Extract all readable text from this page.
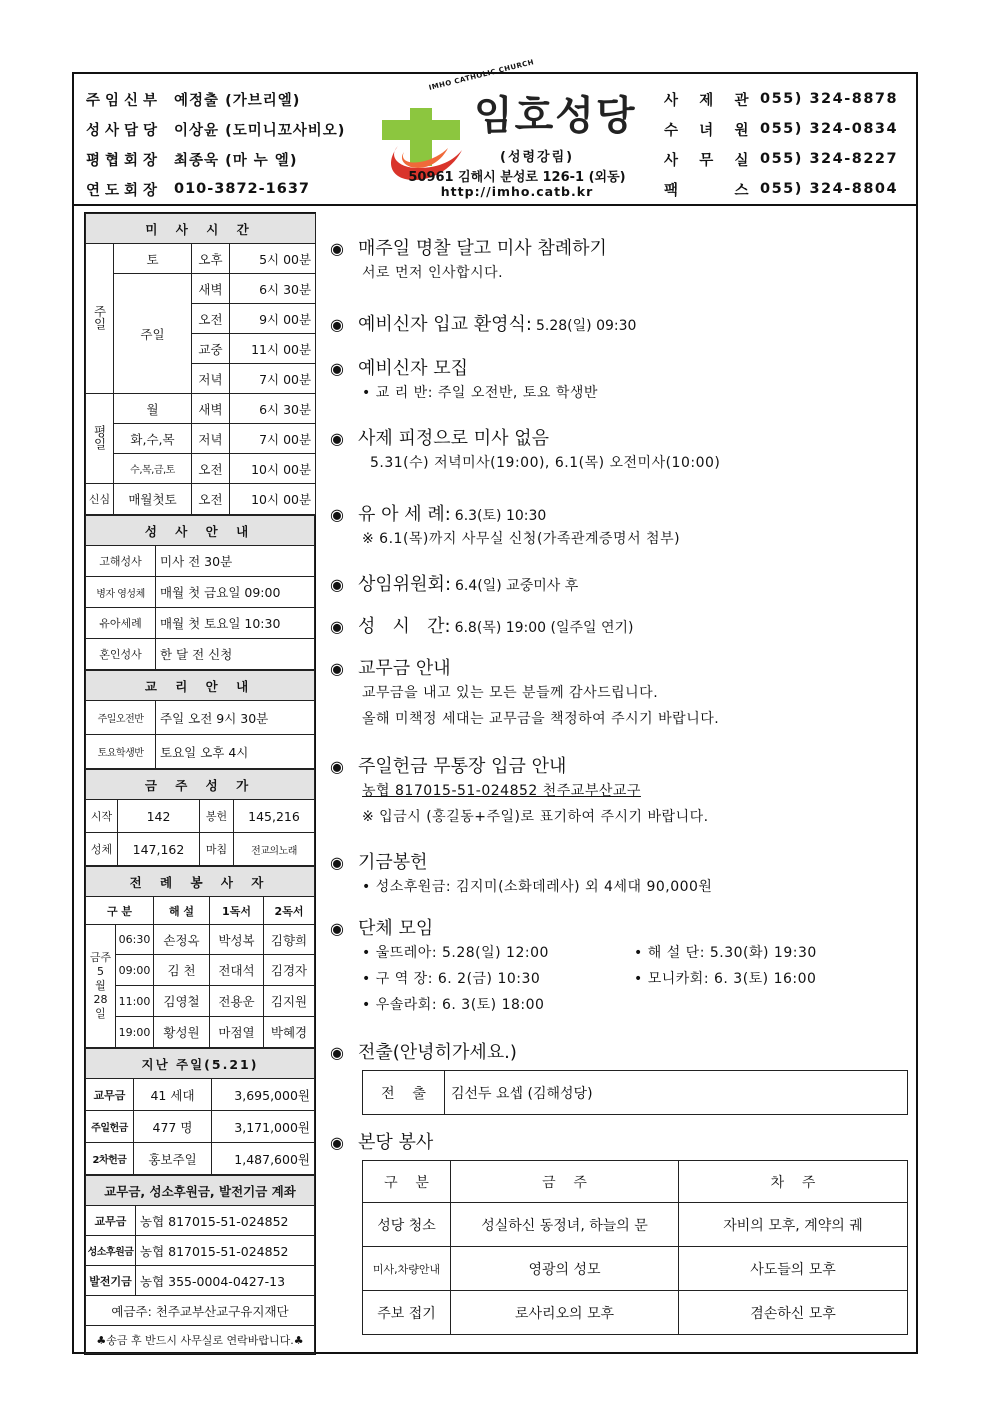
주임신부 예정출 (가브리엘)
성사담당 이상윤 (도미니꼬사비오)
평협회장 최종욱 (마 누 엘)
연도회장 010-3872-1637
IMHO CATHOLIC CHURCH
임호성당
(성령강림)
50961 김해시 분성로 126-1 (외동)
http://imho.catb.kr
사 제 관 055) 324-8878
수 녀 원 055) 324-0834
사 무 실 055) 324-8227
팩	스 055) 324-8804
미 사 시 간			
주일	토	오후	5시 00분
	주일	새벽	6시 30분
		오전	9시 00분
		교중	11시 00분
		저녁	7시 00분
평일	월	새벽	6시 30분
	화,수,목	저녁	7시 00분
	수,목,금,토	오전	10시 00분
신심	매월첫토	오전	10시 00분
성 사 안 내	
고해성사	미사 전 30분
병자 영성체	매월 첫 금요일 09:00
유아세례	매월 첫 토요일 10:30
혼인성사	한 달 전 신청
교 리 안 내	
주일오전반	주일 오전 9시 30분
토요학생반	토요일 오후 4시
금 주 성 가			
시작	142	봉헌	145,216
성체	147,162	마침	전교의노래
전 례 봉 사 자				
구 분		해 설	1독서	2독서
금주
5
월
28
일	06:30	손정옥	박성복	김향희
	09:00	김 천	전대석	김경자
	11:00	김영철	전용운	김지원
	19:00	황성원	마점열	박혜경
지난 주일(5.21)		
교무금	41 세대	3,695,000원
주일헌금	477 명	3,171,000원
2차헌금	홍보주일	1,487,600원
교무금, 성소후원금, 발전기금 계좌	
교무금	농협 817015-51-024852
성소후원금	농협 817015-51-024852
발전기금	농협 355-0004-0427-13
예금주: 천주교부산교구유지재단	
♣송금 후 반드시 사무실로 연락바랍니다.♣	
◉ 매주일 명찰 달고 미사 참례하기
서로 먼저 인사합시다.
◉ 예비신자 입교 환영식: 5.28(일) 09:30
◉ 예비신자 모집
• 교 리 반: 주일 오전반, 토요 학생반
◉ 사제 피정으로 미사 없음
5.31(수) 저녁미사(19:00), 6.1(목) 오전미사(10:00)
◉ 유 아 세 례: 6.3(토) 10:30
※ 6.1(목)까지 사무실 신청(가족관계증명서 첨부)
◉ 상임위원회: 6.4(일) 교중미사 후
◉ 성   시   간: 6.8(목) 19:00 (일주일 연기)
◉ 교무금 안내
교무금을 내고 있는 모든 분들께 감사드립니다.
올해 미책정 세대는 교무금을 책정하여 주시기 바랍니다.
◉ 주일헌금 무통장 입금 안내
농협 817015-51-024852 천주교부산교구
※ 입금시 (홍길동+주일)로 표기하여 주시기 바랍니다.
◉ 기금봉헌
• 성소후원금: 김지미(소화데레사) 외 4세대 90,000원
◉ 단체 모임
• 울뜨레아: 5.28(일) 12:00	• 해 설 단: 5.30(화) 19:30
• 구 역 장: 6. 2(금) 10:30	• 모니카회: 6. 3(토) 16:00
• 우솔라회: 6. 3(토) 18:00
◉ 전출(안녕히가세요.)
전    출	김선두 요셉 (김해성당)
◉ 본당 봉사
구    분	금    주	차    주
성당 청소	성실하신 동정녀, 하늘의 문	자비의 모후, 계약의 궤
미사,차량안내	영광의 성모	사도들의 모후
주보 접기	로사리오의 모후	겸손하신 모후
